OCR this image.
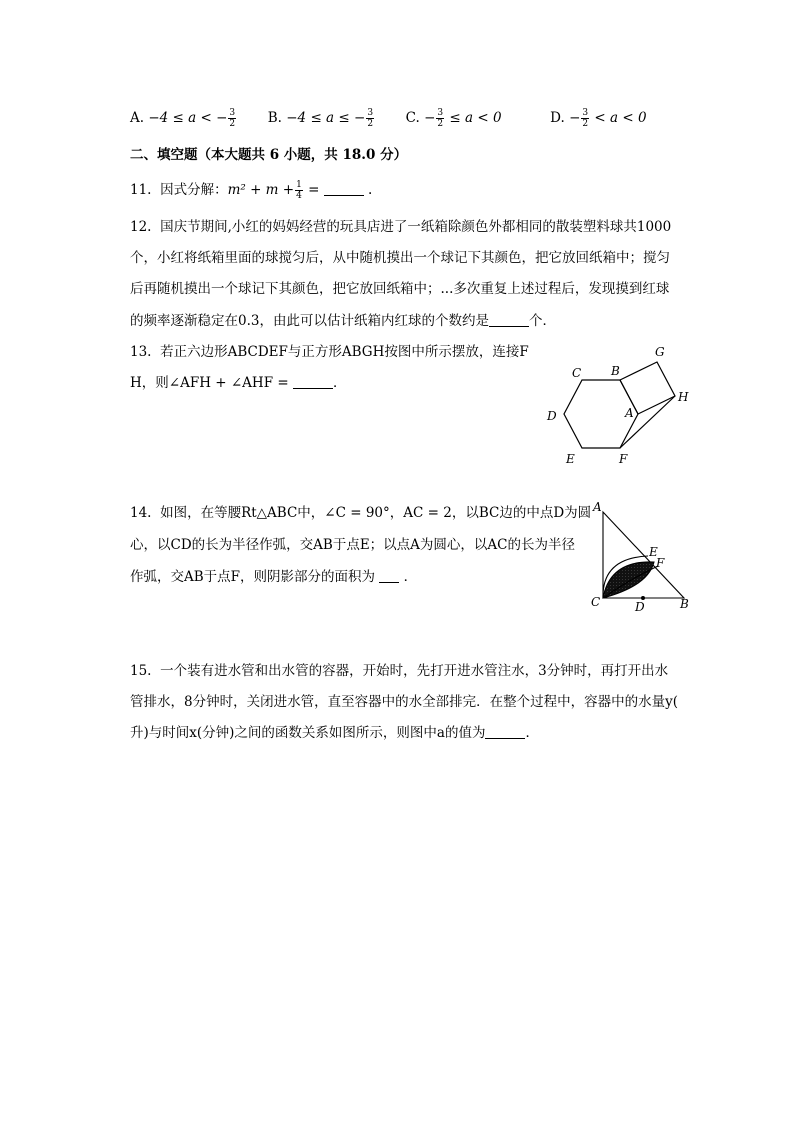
A. −4 ≤ a < − $\frac{3}{2} B$. −4 ≤ a ≤ − $\frac{3}{2} C$. − $\frac{3}{2} \le a < 0$	D. − $\frac{3}{2} < a < 0$
二、填空题（本大题共 6 小题，共 18.0 分）
11. 因式分解：$m^2 + m + \frac{1}{4}$ =	.
12. 国庆节期间,小红的妈妈经营的玩具店进了一纸箱除颜色外都相同的散装塑料球共1000
个，小红将纸箱里面的球搅匀后，从中随机摸出一个球记下其颜色，把它放回纸箱中；搅匀
后再随机摸出一个球记下其颜色，把它放回纸箱中；...多次重复上述过程后，发现摸到红球
的频率逐渐稳定在0.3，由此可以估计纸箱内红球的个数约是	个．
13. 若正六边形ABCDEF与正方形ABGH按图中所示摆放，连接F
H，则∠AFH + ∠AHF =	．
C B
G
H
A
D
E	F
14. 如图，在等腰Rt△ABC中，∠C = 90°，AC = 2，以BC边的中点D为圆
心，以CD的长为半径作弧，交AB于点E；以点A为圆心，以AC的长为半径
作弧，交AB于点F，则阴影部分的面积为 ．
A
E
F
C	D	B
15. 一个装有进水管和出水管的容器，开始时，先打开进水管注水，3分钟时，再打开出水
管排水，8分钟时，关闭进水管，直至容器中的水全部排完．在整个过程中，容器中的水量y(
升)与时间x(分钟)之间的函数关系如图所示，则图中a的值为	．
